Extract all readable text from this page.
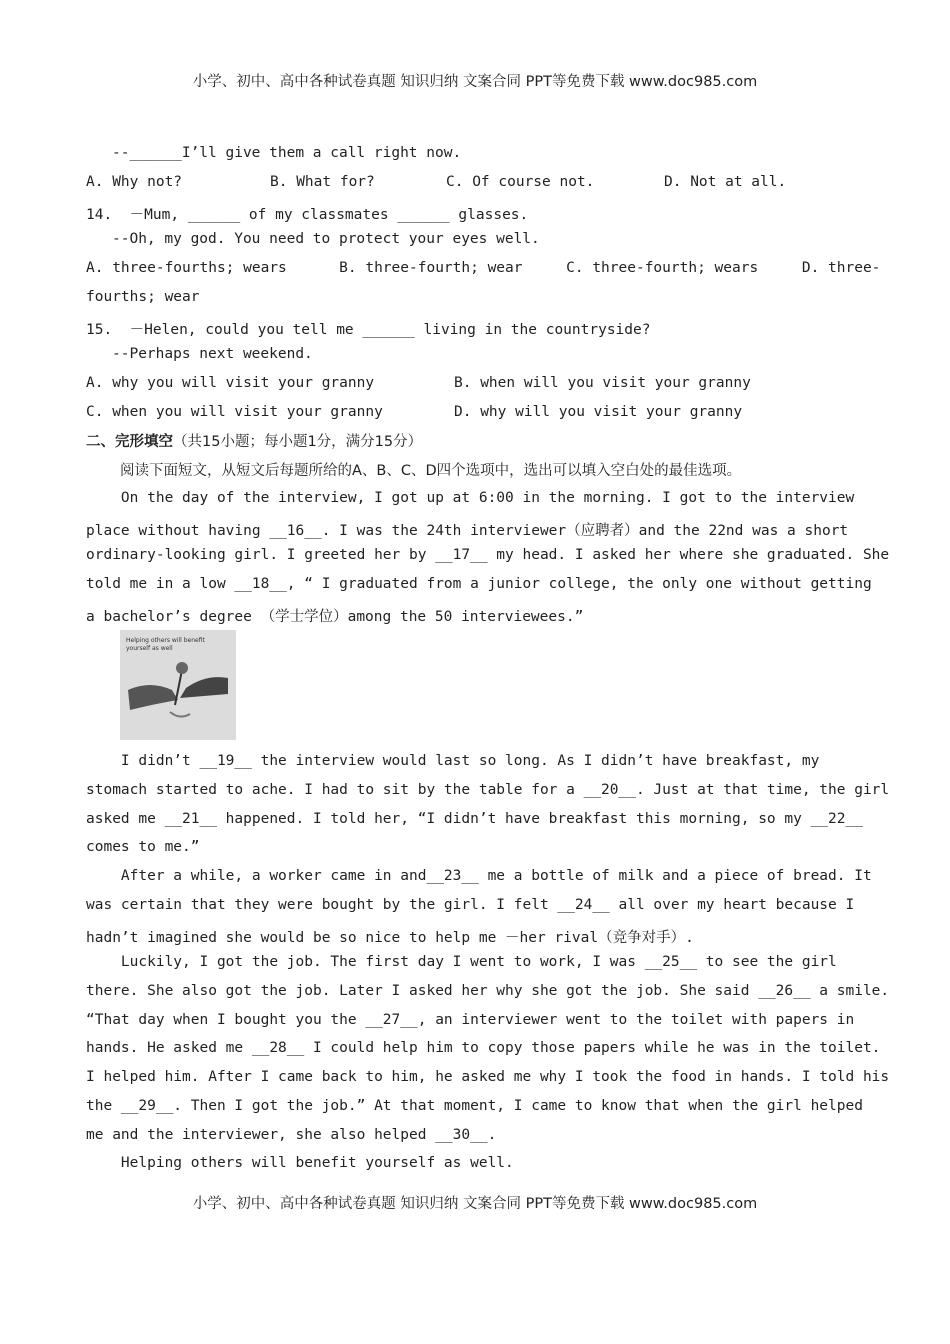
小学、初中、高中各种试卷真题 知识归纳 文案合同 PPT等免费下载 www.doc985.com
--______I’ll give them a call right now.
A. Why not?	B. What for?	C. Of course not.	D. Not at all.
14.  －Mum, ______ of my classmates ______ glasses.
--Oh, my god. You need to protect your eyes well.
A. three-fourths; wears      B. three-fourth; wear     C. three-fourth; wears     D. three-
fourths; wear
15.  －Helen, could you tell me ______ living in the countryside?
--Perhaps next weekend.
A. why you will visit your granny	B. when will you visit your granny
C. when you will visit your granny	D. why will you visit your granny
二、完形填空（共15小题；每小题1分，满分15分）
阅读下面短文，从短文后每题所给的A、B、C、D四个选项中，选出可以填入空白处的最佳选项。
On the day of the interview, I got up at 6:00 in the morning. I got to the interview
place without having __16__. I was the 24th interviewer（应聘者）and the 22nd was a short
ordinary-looking girl. I greeted her by __17__ my head. I asked her where she graduated. She
told me in a low __18__, “ I graduated from a junior college, the only one without getting
a bachelor’s degree （学士学位）among the 50 interviewees.”
Helping others will benefit
yourself as well
I didn’t __19__ the interview would last so long. As I didn’t have breakfast, my
stomach started to ache. I had to sit by the table for a __20__. Just at that time, the girl
asked me __21__ happened. I told her, “I didn’t have breakfast this morning, so my __22__
comes to me.”
After a while, a worker came in and__23__ me a bottle of milk and a piece of bread. It
was certain that they were bought by the girl. I felt __24__ all over my heart because I
hadn’t imagined she would be so nice to help me －her rival（竞争对手）.
Luckily, I got the job. The first day I went to work, I was __25__ to see the girl
there. She also got the job. Later I asked her why she got the job. She said __26__ a smile.
“That day when I bought you the __27__, an interviewer went to the toilet with papers in
hands. He asked me __28__ I could help him to copy those papers while he was in the toilet.
I helped him. After I came back to him, he asked me why I took the food in hands. I told his
the __29__. Then I got the job.” At that moment, I came to know that when the girl helped
me and the interviewer, she also helped __30__.
Helping others will benefit yourself as well.
小学、初中、高中各种试卷真题 知识归纳 文案合同 PPT等免费下载 www.doc985.com
